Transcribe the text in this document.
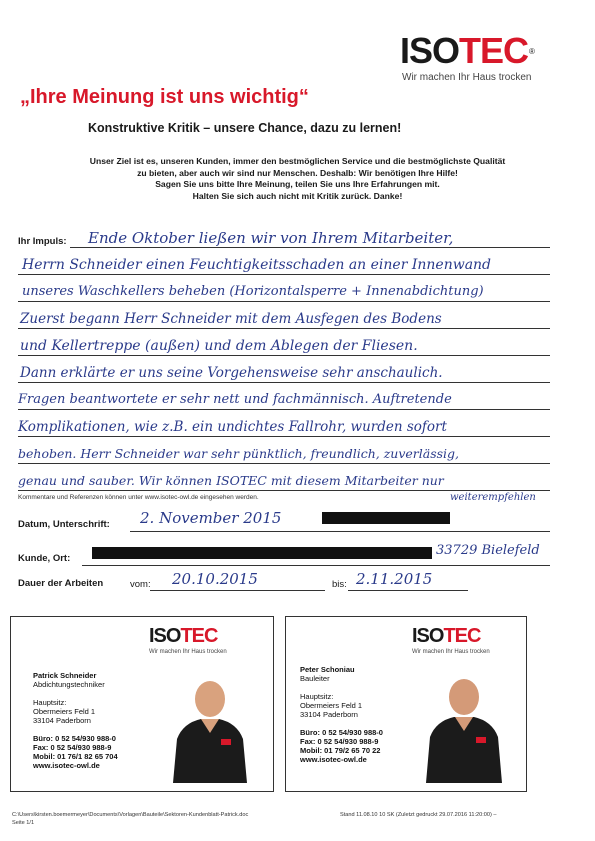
ISO TEC ®
Wir machen Ihr Haus trocken
„Ihre Meinung ist uns wichtig“
Konstruktive Kritik – unsere Chance, dazu zu lernen!
Unser Ziel ist es, unseren Kunden, immer den bestmöglichen Service und die bestmöglichste Qualität
zu bieten, aber auch wir sind nur Menschen. Deshalb: Wir benötigen Ihre Hilfe!
Sagen Sie uns bitte Ihre Meinung, teilen Sie uns Ihre Erfahrungen mit.
Halten Sie sich auch nicht mit Kritik zurück. Danke!
Ihr Impuls: Ende Oktober ließen wir von Ihrem Mitarbeiter,
Herrn Schneider einen Feuchtigkeitsschaden an einer Innenwand
unseres Waschkellers beheben (Horizontalsperre + Innenabdichtung)
Zuerst begann Herr Schneider mit dem Ausfegen des Bodens
und Kellertreppe (außen) und dem Ablegen der Fliesen.
Dann erklärte er uns seine Vorgehensweise sehr anschaulich.
Fragen beantwortete er sehr nett und fachmännisch. Auftretende
Komplikationen, wie z.B. ein undichtes Fallrohr, wurden sofort
behoben. Herr Schneider war sehr pünktlich, freundlich, zuverlässig,
genau und sauber. Wir können ISOTEC mit diesem Mitarbeiter nur
weiterempfehlen
Kommentare und Referenzen können unter www.isotec-owl.de eingesehen werden.
Datum, Unterschrift: 2. November 2015
Kunde, Ort:
33729 Bielefeld
Dauer der Arbeiten	vom: 20.10.2015	bis: 2.11.2015
ISO TEC
Wir machen Ihr Haus trocken
Patrick Schneider
Abdichtungstechniker
Hauptsitz:
Obermeiers Feld 1
33104 Paderborn
Büro: 0 52 54/930 988-0
Fax: 0 52 54/930 988-9
Mobil: 01 76/1 82 65 704
www.isotec-owl.de
ISO TEC
Wir machen Ihr Haus trocken
Peter Schoniau
Bauleiter
Hauptsitz:
Obermeiers Feld 1
33104 Paderborn
Büro: 0 52 54/930 988-0
Fax: 0 52 54/930 988-9
Mobil: 01 79/2 65 70 22
www.isotec-owl.de
C:\Users\kirsten.boemermeyer\Documents\Vorlagen\Bauteile\Sektoren-Kundenblatt-Patrick.doc
Seite 1/1
Stand 11.08.10 10 SK (Zuletzt gedruckt 29.07.2016 11:20:00) –
